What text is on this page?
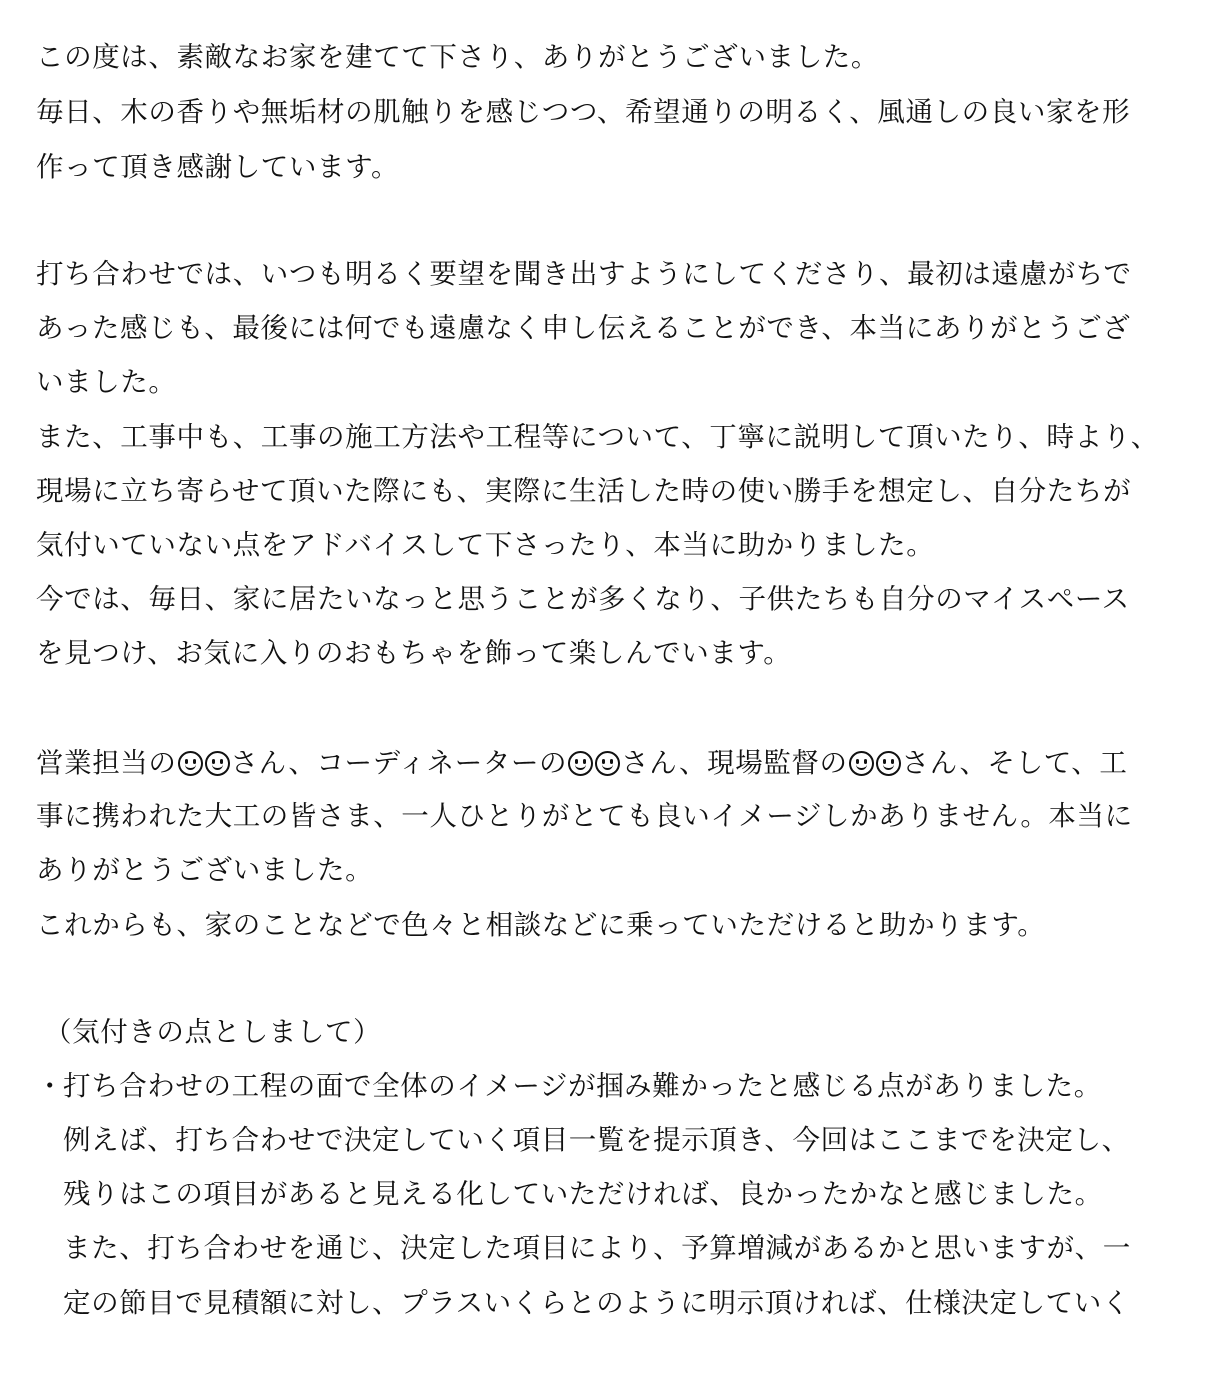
この度は、素敵なお家を建てて下さり、ありがとうございました。
毎日、木の香りや無垢材の肌触りを感じつつ、希望通りの明るく、風通しの良い家を形
作って頂き感謝しています。
打ち合わせでは、いつも明るく要望を聞き出すようにしてくださり、最初は遠慮がちで
あった感じも、最後には何でも遠慮なく申し伝えることができ、本当にありがとうござ
いました。
また、工事中も、工事の施工方法や工程等について、丁寧に説明して頂いたり、時より、
現場に立ち寄らせて頂いた際にも、実際に生活した時の使い勝手を想定し、自分たちが
気付いていない点をアドバイスして下さったり、本当に助かりました。
今では、毎日、家に居たいなっと思うことが多くなり、子供たちも自分のマイスペース
を見つけ、お気に入りのおもちゃを飾って楽しんでいます。
営業担当の さん、コーディネーターの さん、現場監督の さん、そして、工
事に携われた大工の皆さま、一人ひとりがとても良いイメージしかありません。本当に
ありがとうございました。
これからも、家のことなどで色々と相談などに乗っていただけると助かります。
（気付きの点としまして）
・打ち合わせの工程の面で全体のイメージが掴み難かったと感じる点がありました。
例えば、打ち合わせで決定していく項目一覧を提示頂き、今回はここまでを決定し、
残りはこの項目があると見える化していただければ、良かったかなと感じました。
また、打ち合わせを通じ、決定した項目により、予算増減があるかと思いますが、一
定の節目で見積額に対し、プラスいくらとのように明示頂ければ、仕様決定していく
